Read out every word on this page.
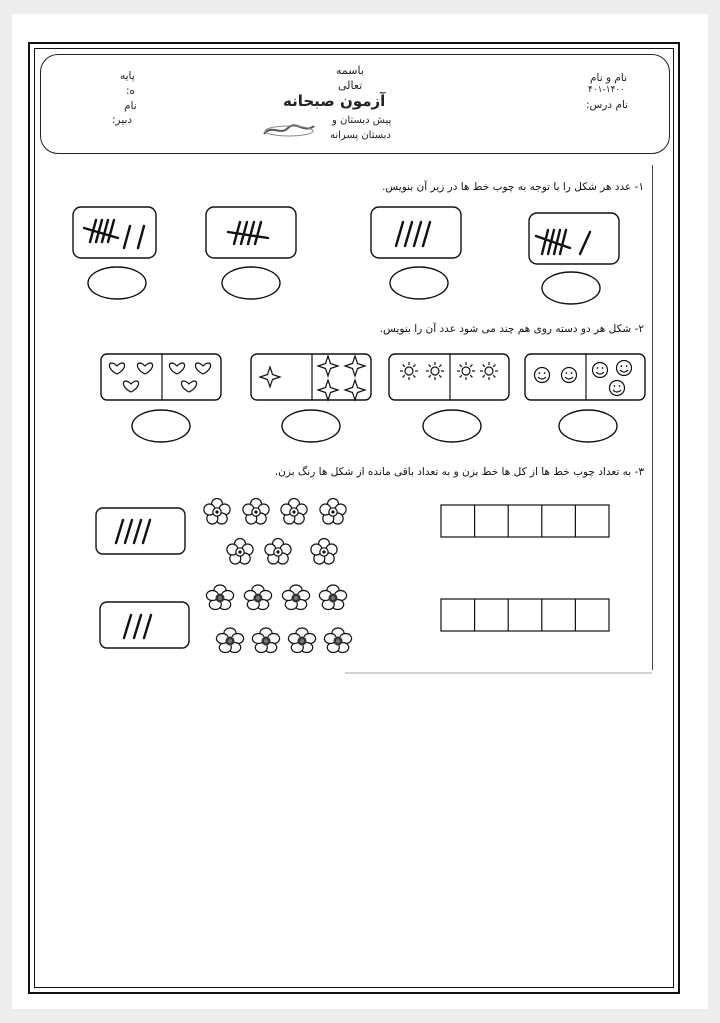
باسمه
تعالی
آزمون صبحانه
پیش دبستان و
دبستان پسرانه
نام و نام
۴۰۱-۱۴۰۰
نام درس:
پایه
ه:
نام
دبیر:
۱- عدد هر شکل را با توجه به چوب خط ها در زیر آن بنویس.
۲- شکل هر دو دسته روی هم چند می شود عدد آن را بنویس.
۳- به تعداد چوب خط ها از کل ها خط بزن و به تعداد باقی مانده از شکل ها رنگ بزن.
